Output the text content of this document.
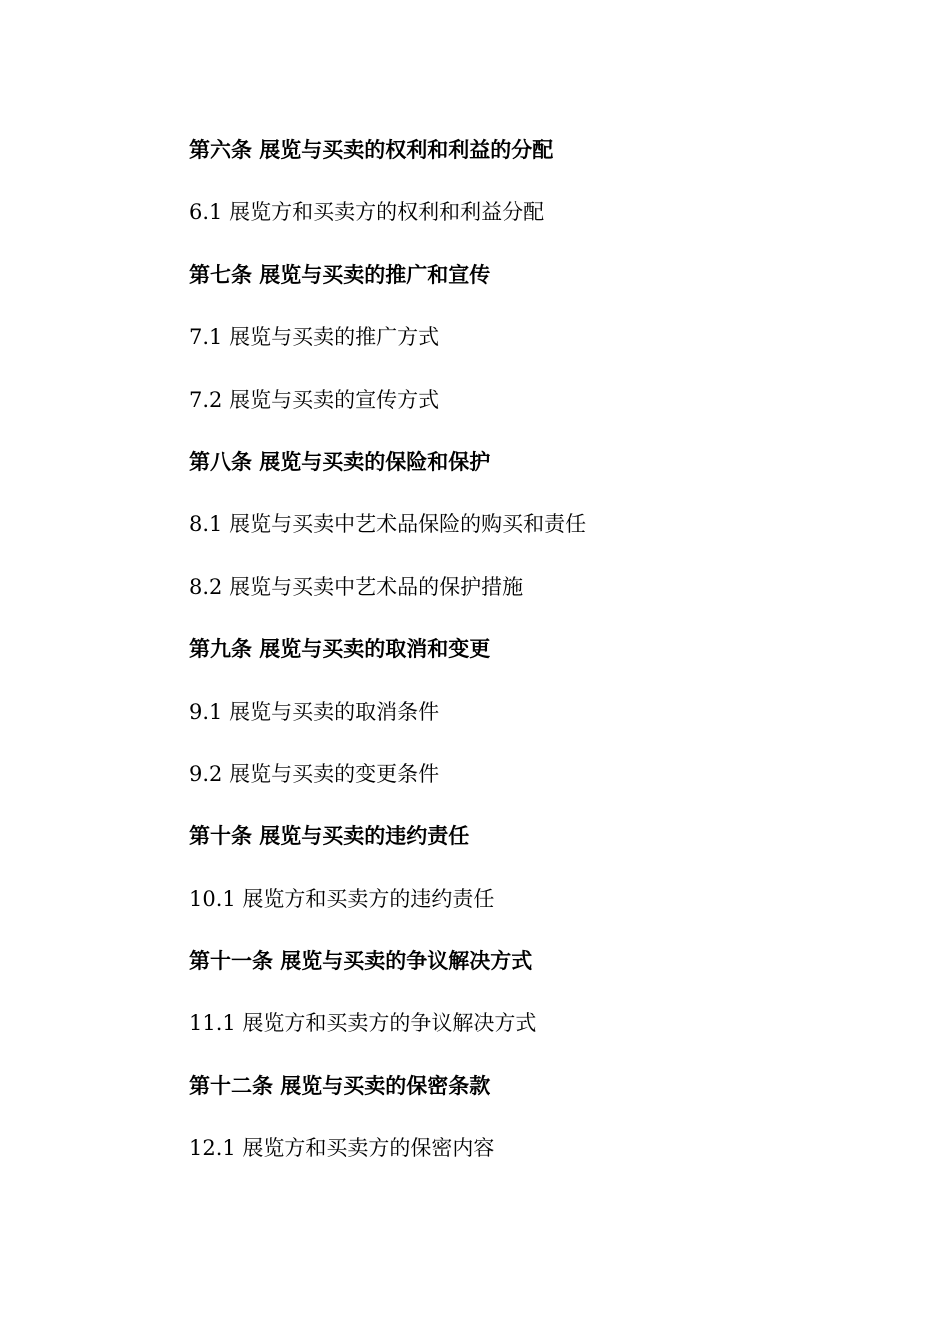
第六条 展览与买卖的权利和利益的分配
6.1 展览方和买卖方的权利和利益分配
第七条 展览与买卖的推广和宣传
7.1 展览与买卖的推广方式
7.2 展览与买卖的宣传方式
第八条 展览与买卖的保险和保护
8.1 展览与买卖中艺术品保险的购买和责任
8.2 展览与买卖中艺术品的保护措施
第九条 展览与买卖的取消和变更
9.1 展览与买卖的取消条件
9.2 展览与买卖的变更条件
第十条 展览与买卖的违约责任
10.1 展览方和买卖方的违约责任
第十一条 展览与买卖的争议解决方式
11.1 展览方和买卖方的争议解决方式
第十二条 展览与买卖的保密条款
12.1 展览方和买卖方的保密内容
